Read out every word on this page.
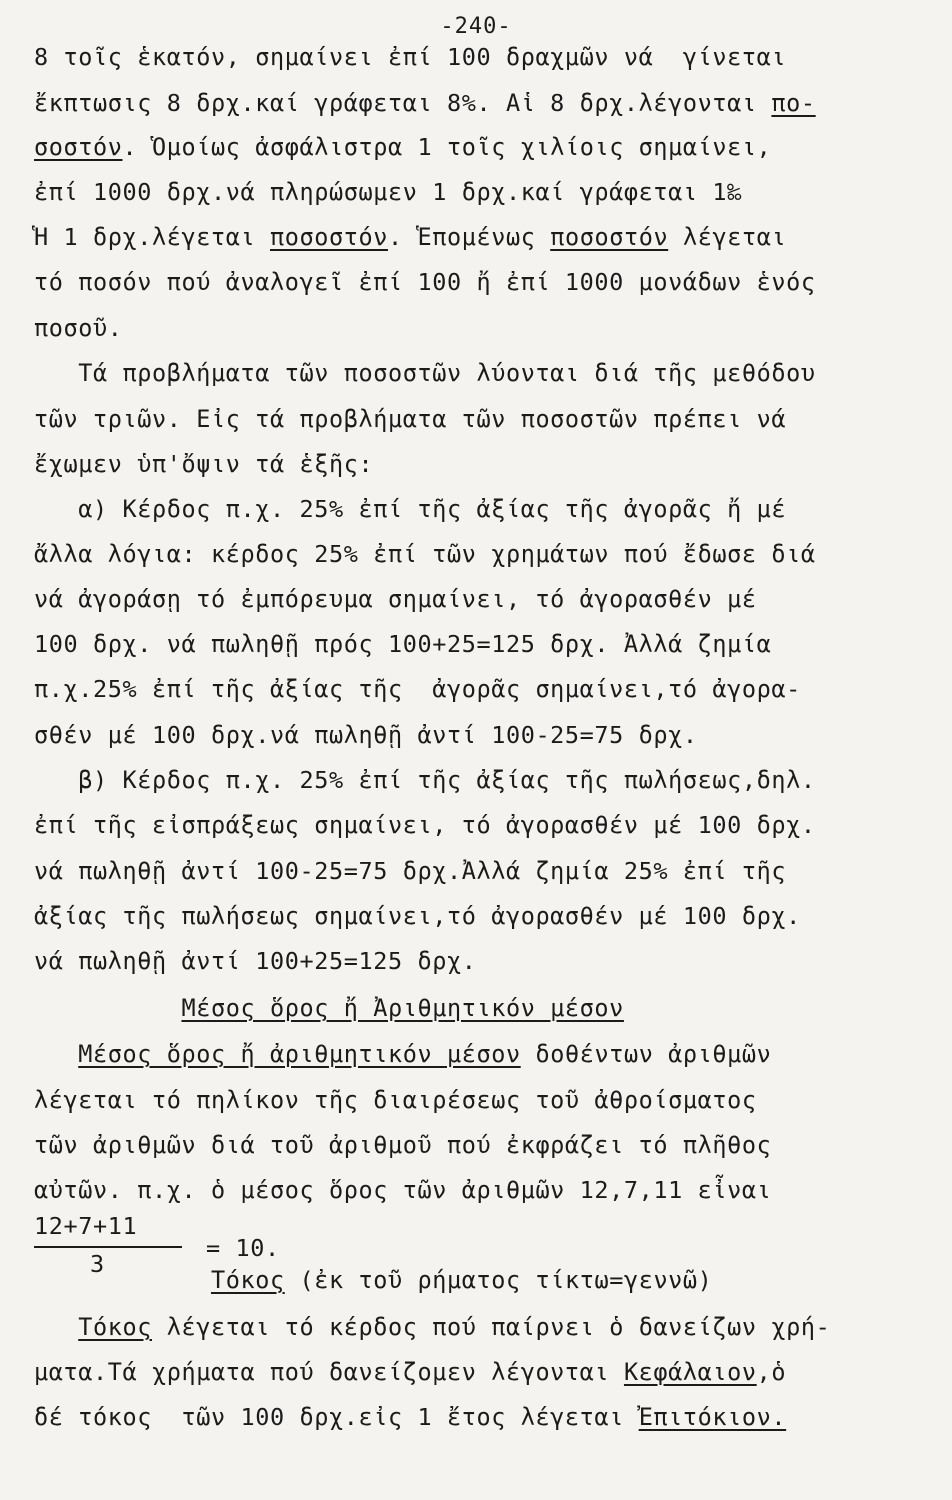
-240-
8 τοῖς ἑκατόν, σημαίνει ἐπί 100 δραχμῶν νά  γίνεται
ἔκπτωσις 8 δρχ.καί γράφεται 8%. Αἱ 8 δρχ.λέγονται πο-
σοστόν. Ὁμοίως ἀσφάλιστρα 1 τοῖς χιλίοις σημαίνει,
ἐπί 1000 δρχ.νά πληρώσωμεν 1 δρχ.καί γράφεται 1‰
Ἡ 1 δρχ.λέγεται ποσοστόν. Ἑπομένως ποσοστόν λέγεται
τό ποσόν πού ἀναλογεῖ ἐπί 100 ἤ ἐπί 1000 μονάδων ἑνός
ποσοῦ.
Τά προβλήματα τῶν ποσοστῶν λύονται διά τῆς μεθόδου
τῶν τριῶν. Εἰς τά προβλήματα τῶν ποσοστῶν πρέπει νά
ἔχωμεν ὑπ'ὄψιν τά ἑξῆς:
α) Κέρδος π.χ. 25% ἐπί τῆς ἀξίας τῆς ἀγορᾶς ἤ μέ
ἄλλα λόγια: κέρδος 25% ἐπί τῶν χρημάτων πού ἔδωσε διά
νά ἀγοράσῃ τό ἐμπόρευμα σημαίνει, τό ἀγορασθέν μέ
100 δρχ. νά πωληθῇ πρός 100+25=125 δρχ. Ἀλλά ζημία
π.χ.25% ἐπί τῆς ἀξίας τῆς  ἀγορᾶς σημαίνει,τό ἀγορα-
σθέν μέ 100 δρχ.νά πωληθῇ ἀντί 100-25=75 δρχ.
β) Κέρδος π.χ. 25% ἐπί τῆς ἀξίας τῆς πωλήσεως,δηλ.
ἐπί τῆς εἰσπράξεως σημαίνει, τό ἀγορασθέν μέ 100 δρχ.
νά πωληθῇ ἀντί 100-25=75 δρχ.Ἀλλά ζημία 25% ἐπί τῆς
ἀξίας τῆς πωλήσεως σημαίνει,τό ἀγορασθέν μέ 100 δρχ.
νά πωληθῇ ἀντί 100+25=125 δρχ.
Μέσος ὅρος ἤ Ἀριθμητικόν μέσον
Μέσος ὅρος ἤ ἀριθμητικόν μέσον δοθέντων ἀριθμῶν
λέγεται τό πηλίκον τῆς διαιρέσεως τοῦ ἀθροίσματος
τῶν ἀριθμῶν διά τοῦ ἀριθμοῦ πού ἐκφράζει τό πλῆθος
αὐτῶν. π.χ. ὁ μέσος ὅρος τῶν ἀριθμῶν 12,7,11 εἶναι
Τόκος (ἐκ τοῦ ρήματος τίκτω=γεννῶ)
Τόκος λέγεται τό κέρδος πού παίρνει ὁ δανείζων χρή-
ματα.Τά χρήματα πού δανείζομεν λέγονται Κεφάλαιον,ὁ
δέ τόκος  τῶν 100 δρχ.εἰς 1 ἔτος λέγεται Ἐπιτόκιον.
12+7+11
3
= 10.
